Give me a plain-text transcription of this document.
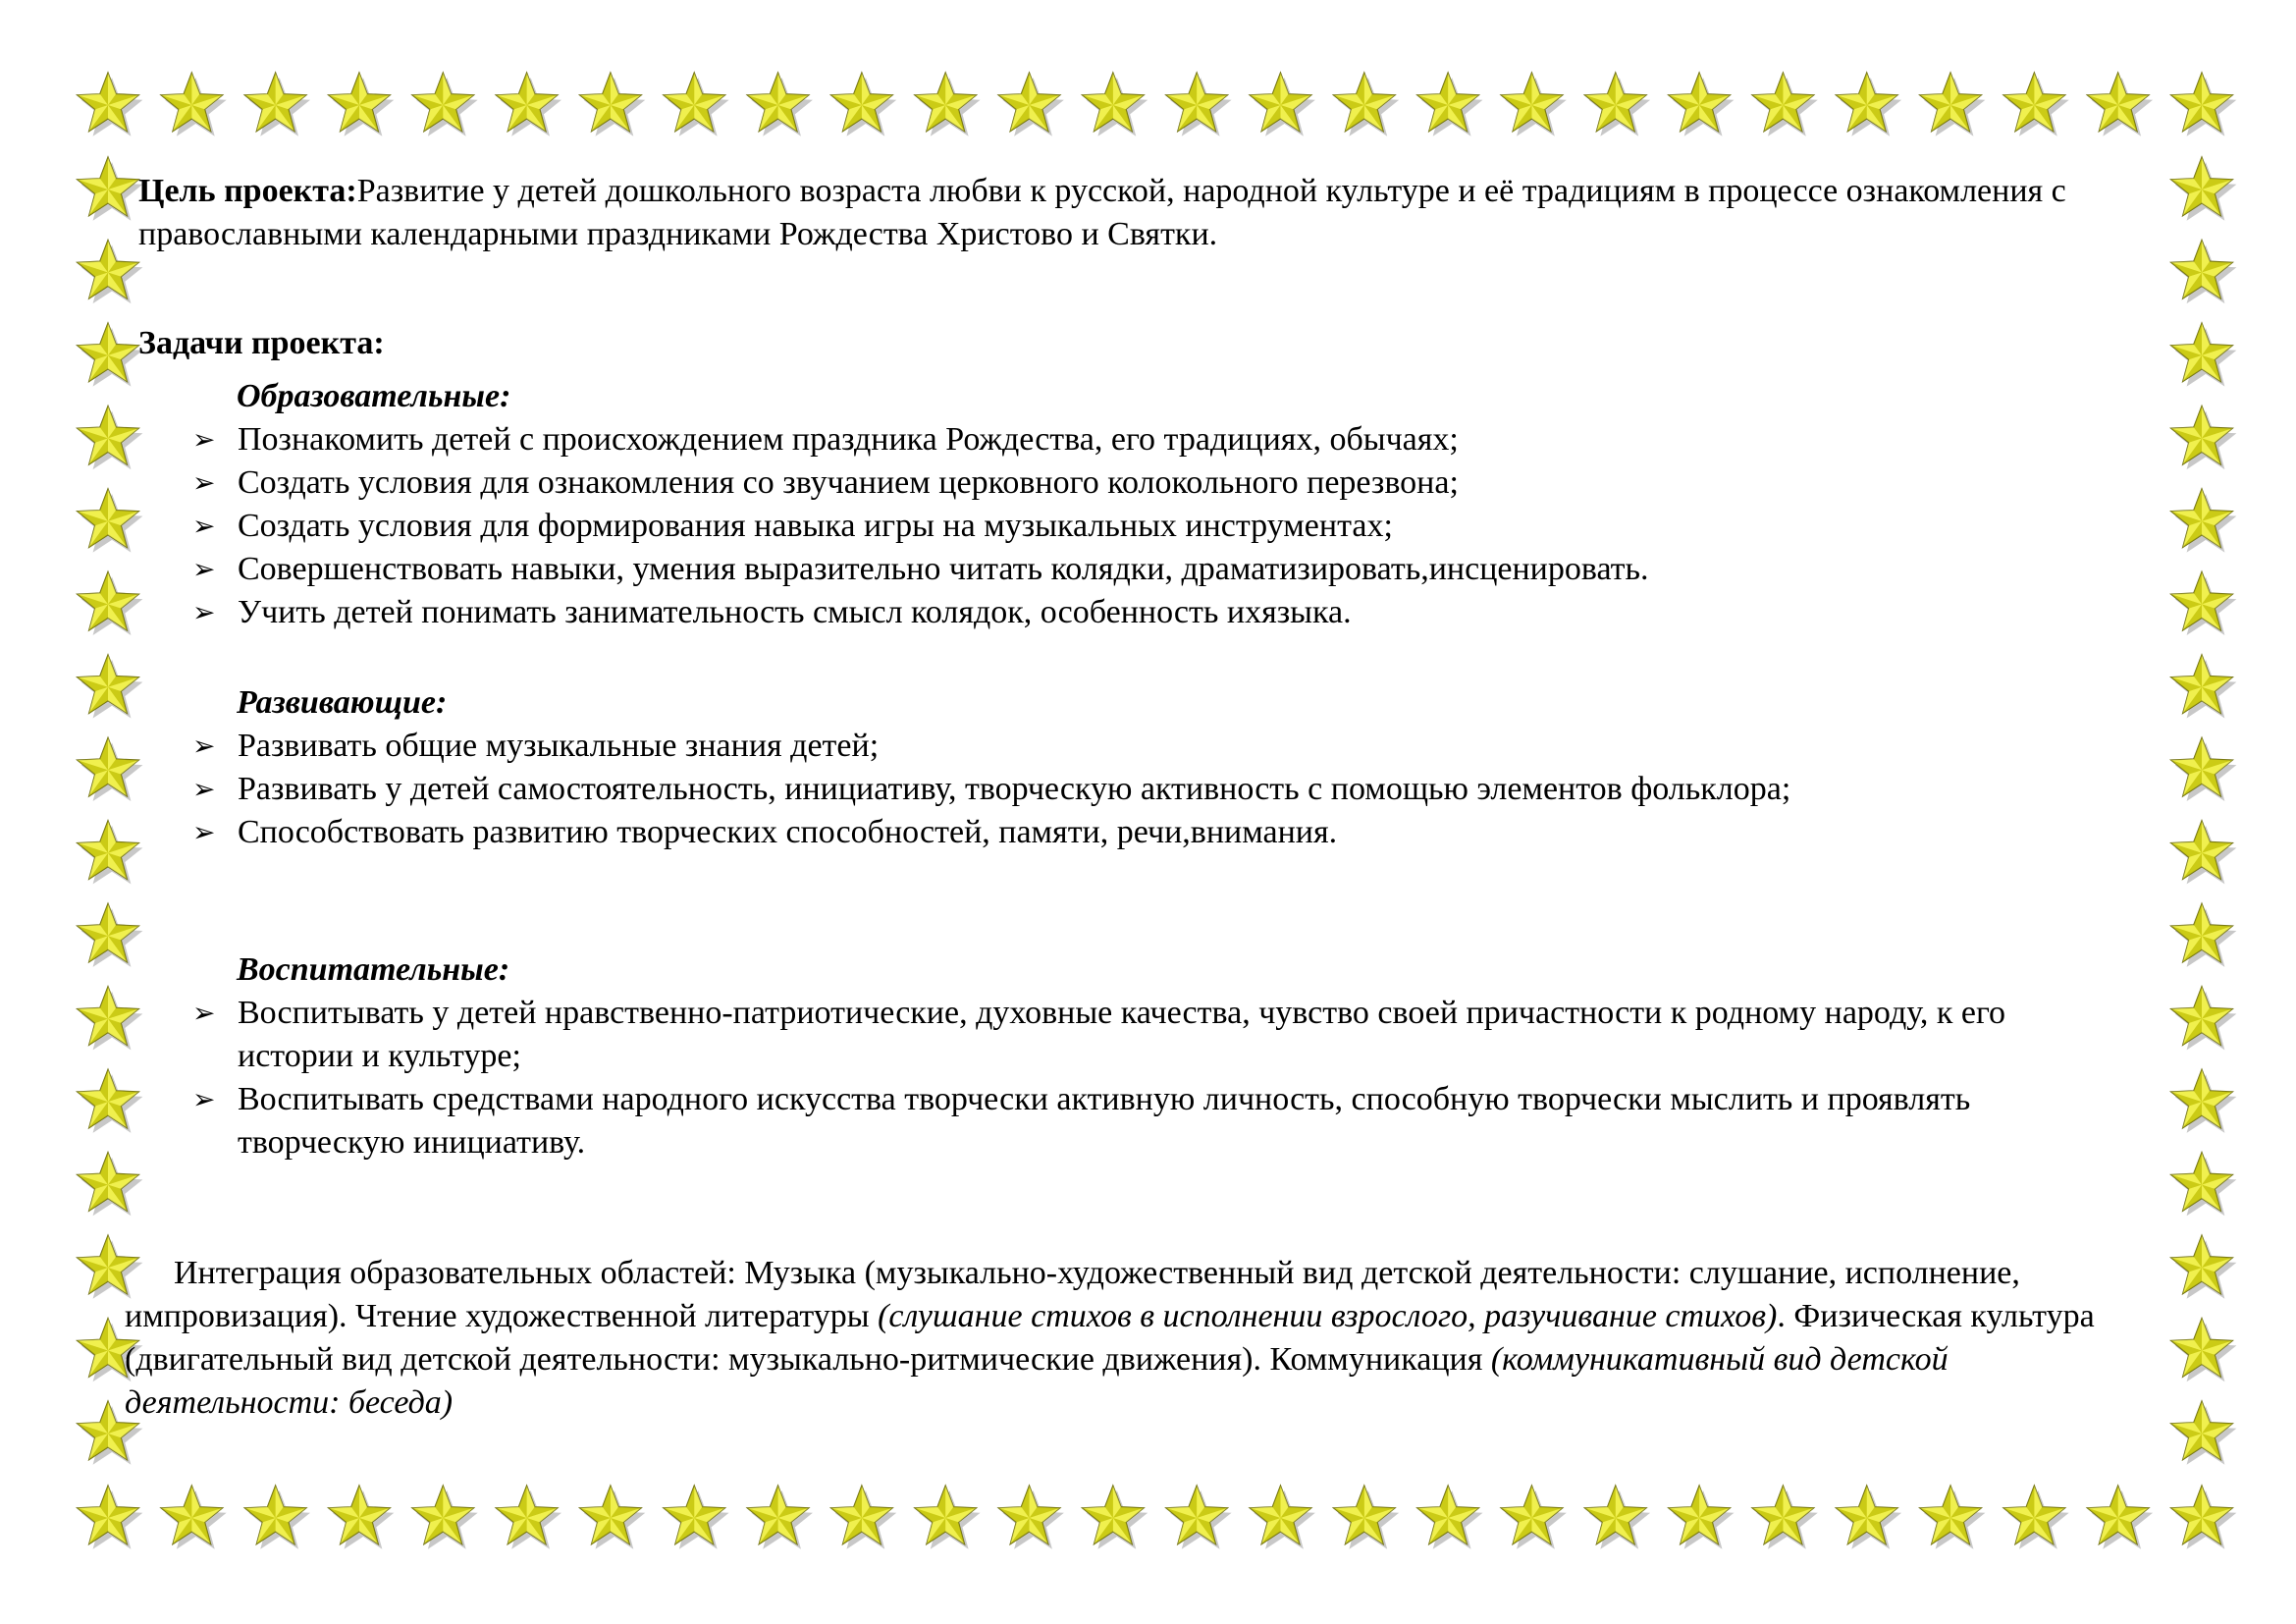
Цель проекта:Развитие у детей дошкольного возраста любви к русской, народной культуре и её традициям в процессе ознакомления с православными календарными праздниками Рождества Христово и Святки.
Задачи проекта:
Образовательные:
➢ Познакомить детей с происхождением праздника Рождества, его традициях, обычаях;
➢ Создать условия для ознакомления со звучанием церковного колокольного перезвона;
➢ Создать условия для формирования навыка игры на музыкальных инструментах;
➢ Совершенствовать навыки, умения выразительно читать колядки, драматизировать,инсценировать.
➢ Учить детей понимать занимательность смысл колядок, особенность ихязыка.
Развивающие:
➢ Развивать общие музыкальные знания детей;
➢ Развивать у детей самостоятельность, инициативу, творческую активность с помощью элементов фольклора;
➢ Способствовать развитию творческих способностей, памяти, речи,внимания.
Воспитательные:
➢ Воспитывать у детей нравственно-патриотические, духовные качества, чувство своей причастности к родному народу, к его истории и культуре;
➢ Воспитывать средствами народного искусства творчески активную личность, способную творчески мыслить и проявлять творческую инициативу.
Интеграция образовательных областей: Музыка (музыкально-художественный вид детской деятельности: слушание, исполнение, импровизация). Чтение художественной литературы (слушание стихов в исполнении взрослого, разучивание стихов). Физическая культура (двигательный вид детской деятельности: музыкально-ритмические движения). Коммуникация (коммуникативный вид детской деятельности: беседа)
